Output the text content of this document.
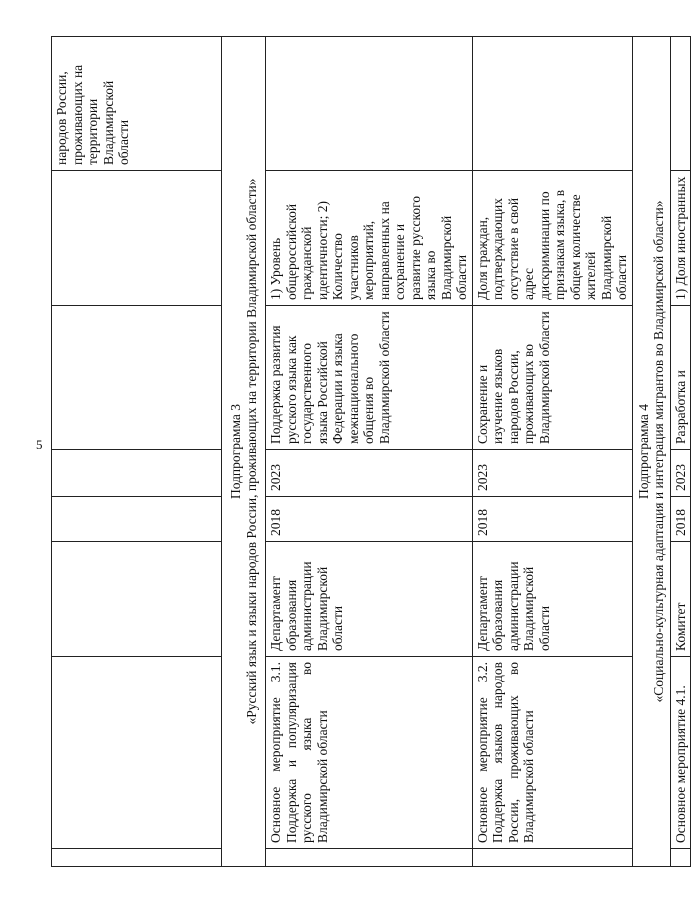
5

							народов России, проживающих на территории Владимирской области

Подпрограмма 3 «Русский язык и языки народов России, проживающих на территории Владимирской области»							

	Основное мероприятие 3.1. Поддержка и популяризация русского языка во Владимирской области	Департамент образования администрации Владимирской области	2018	2023	Поддержка развития русского языка как государственного языка Российской Федерации и языка межнационального общения во Владимирской области	1) Уровень общероссийской гражданской идентичности; 2) Количество участников мероприятий, направленных на сохранение и развитие русского языка во Владимирской области	
	Основное мероприятие 3.2. Поддержка языков народов России, проживающих во Владимирской области	Департамент образования администрации Владимирской области	2018	2023	Сохранение и изучение языков народов России, проживающих во Владимирской области	Доля граждан, подтверждающих отсутствие в свой адрес дискриминации по признакам языка, в общем количестве жителей Владимирской области	

Подпрограмма 4 «Социально-культурная адаптация и интеграция мигрантов во Владимирской области»							

	Основное мероприятие 4.1.	Комитет	2018	2023	Разработка и	1) Доля иностранных	
